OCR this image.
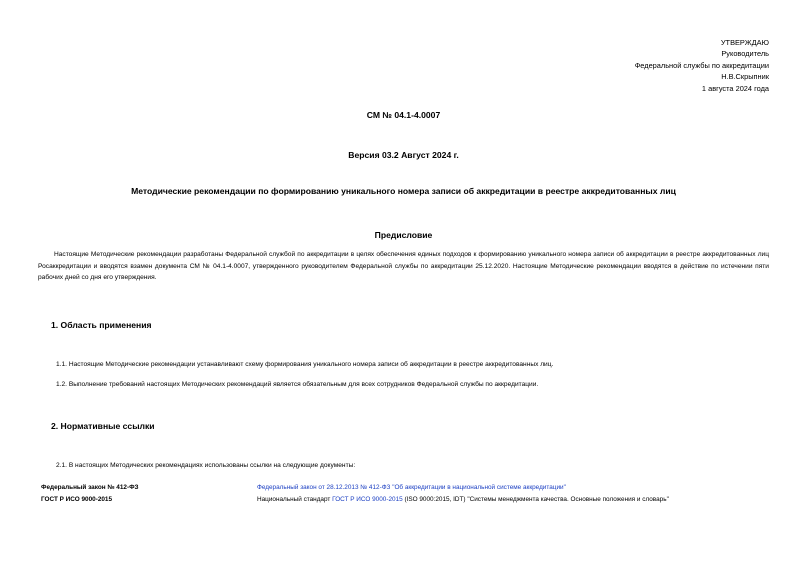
УТВЕРЖДАЮ
Руководитель
Федеральной службы по аккредитации
Н.В.Скрыпник
1 августа 2024 года
СМ № 04.1-4.0007
Версия 03.2 Август 2024 г.
Методические рекомендации по формированию уникального номера записи об аккредитации в реестре аккредитованных лиц
Предисловие

Настоящие Методические рекомендации разработаны Федеральной службой по аккредитации в целях обеспечения единых подходов к формированию уникального номера записи об аккредитации в реестре аккредитованных лиц Росаккредитации и вводятся взамен документа СМ № 04.1-4.0007, утвержденного руководителем Федеральной службы по аккредитации 25.12.2020. Настоящие Методические рекомендации вводятся в действие по истечении пяти рабочих дней со дня его утверждения.

1. Область применения

1.1. Настоящие Методические рекомендации устанавливают схему формирования уникального номера записи об аккредитации в реестре аккредитованных лиц.

1.2. Выполнение требований настоящих Методических рекомендаций является обязательным для всех сотрудников Федеральной службы по аккредитации.

2. Нормативные ссылки

2.1. В настоящих Методических рекомендациях использованы ссылки на следующие документы:

Федеральный закон № 412-ФЗ	Федеральный закон от 28.12.2013 № 412-ФЗ "Об аккредитации в национальной системе аккредитации"
ГОСТ Р ИСО 9000-2015	Национальный стандарт ГОСТ Р ИСО 9000-2015 (ISO 9000:2015, IDT) "Системы менеджмента качества. Основные положения и словарь"
